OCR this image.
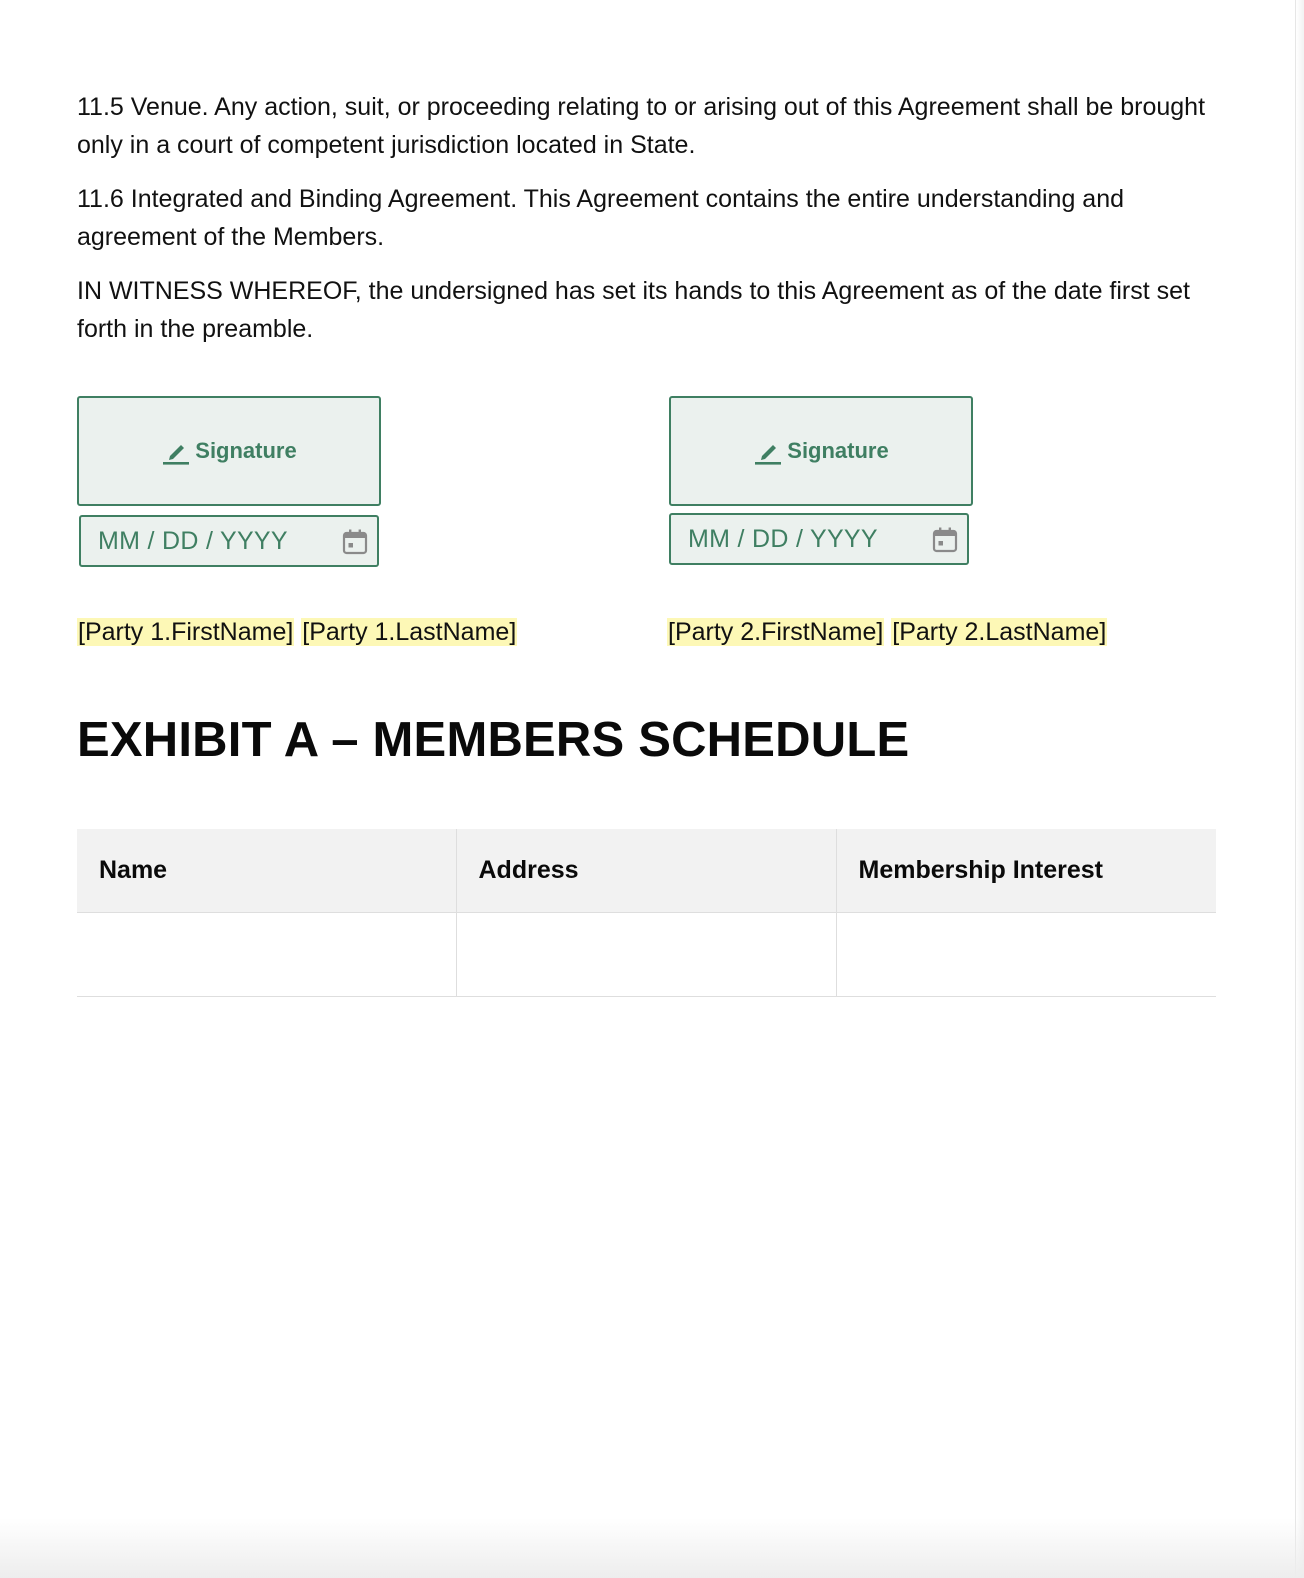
11.5 Venue. Any action, suit, or proceeding relating to or arising out of this Agreement shall be brought only in a court of competent jurisdiction located in State.

11.6 Integrated and Binding Agreement. This Agreement contains the entire understanding and agreement of the Members.

IN WITNESS WHEREOF, the undersigned has set its hands to this Agreement as of the date first set forth in the preamble.

Signature
MM / DD / YYYY
Signature
MM / DD / YYYY
[Party 1.FirstName] [Party 1.LastName]	[Party 2.FirstName] [Party 2.LastName]
EXHIBIT A – MEMBERS SCHEDULE
Name	Address	Membership Interest
